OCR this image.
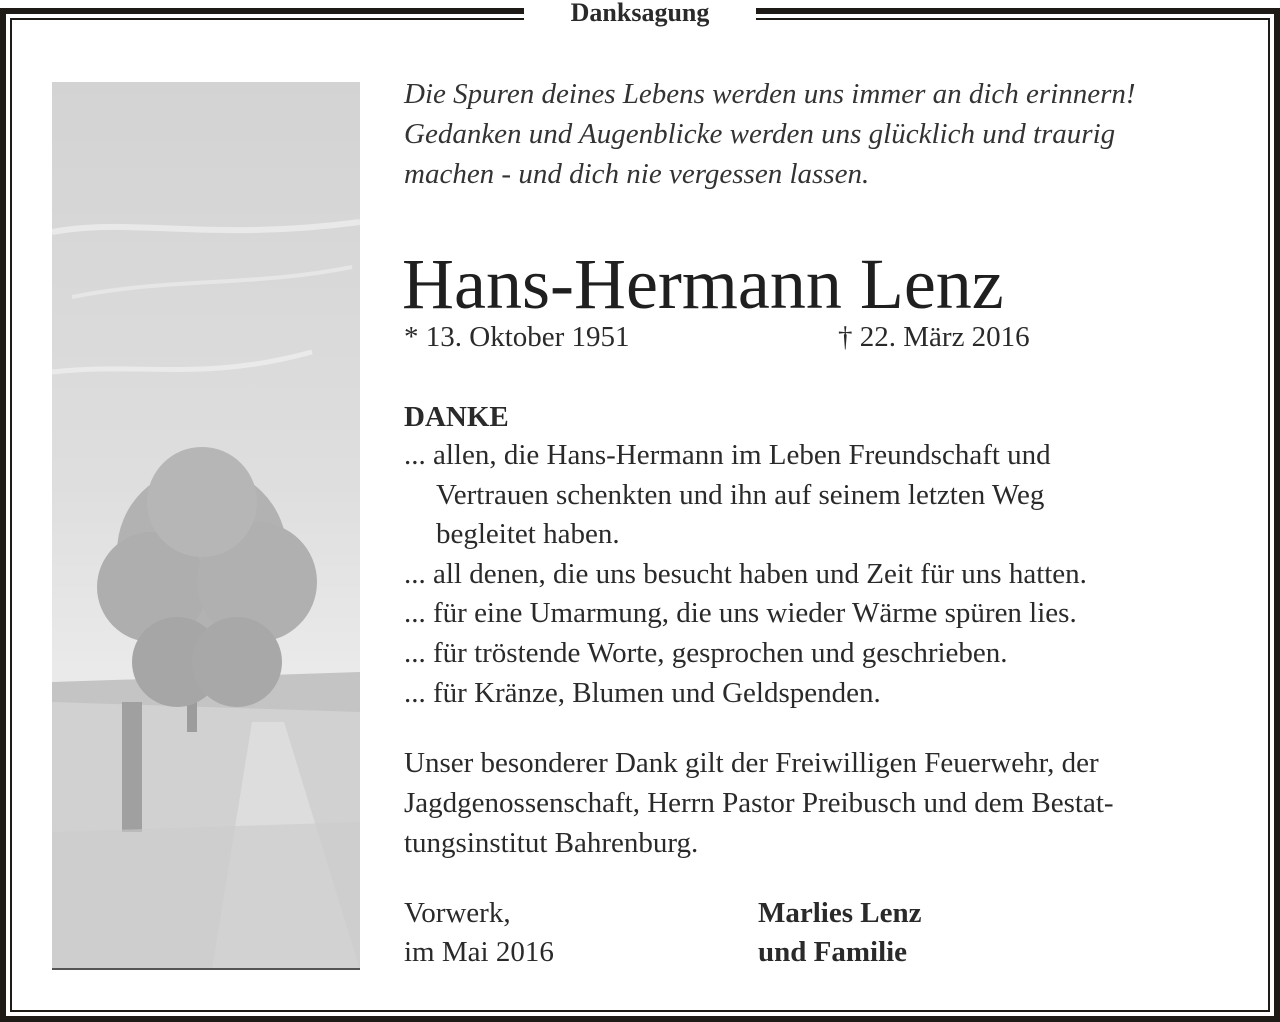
Danksagung
Die Spuren deines Lebens werden uns immer an dich erinnern!
Gedanken und Augenblicke werden uns glücklich und traurig
machen - und dich nie vergessen lassen.
Hans-Hermann Lenz
* 13. Oktober 1951	† 22. März 2016
DANKE
... allen, die Hans-Hermann im Leben Freundschaft und
Vertrauen schenkten und ihn auf seinem letzten Weg
begleitet haben.
... all denen, die uns besucht haben und Zeit für uns hatten.
... für eine Umarmung, die uns wieder Wärme spüren lies.
... für tröstende Worte, gesprochen und geschrieben.
... für Kränze, Blumen und Geldspenden.
Unser besonderer Dank gilt der Freiwilligen Feuerwehr, der
Jagdgenossenschaft, Herrn Pastor Preibusch und dem Bestat-
tungsinstitut Bahrenburg.
Vorwerk,
im Mai 2016
Marlies Lenz
und Familie
